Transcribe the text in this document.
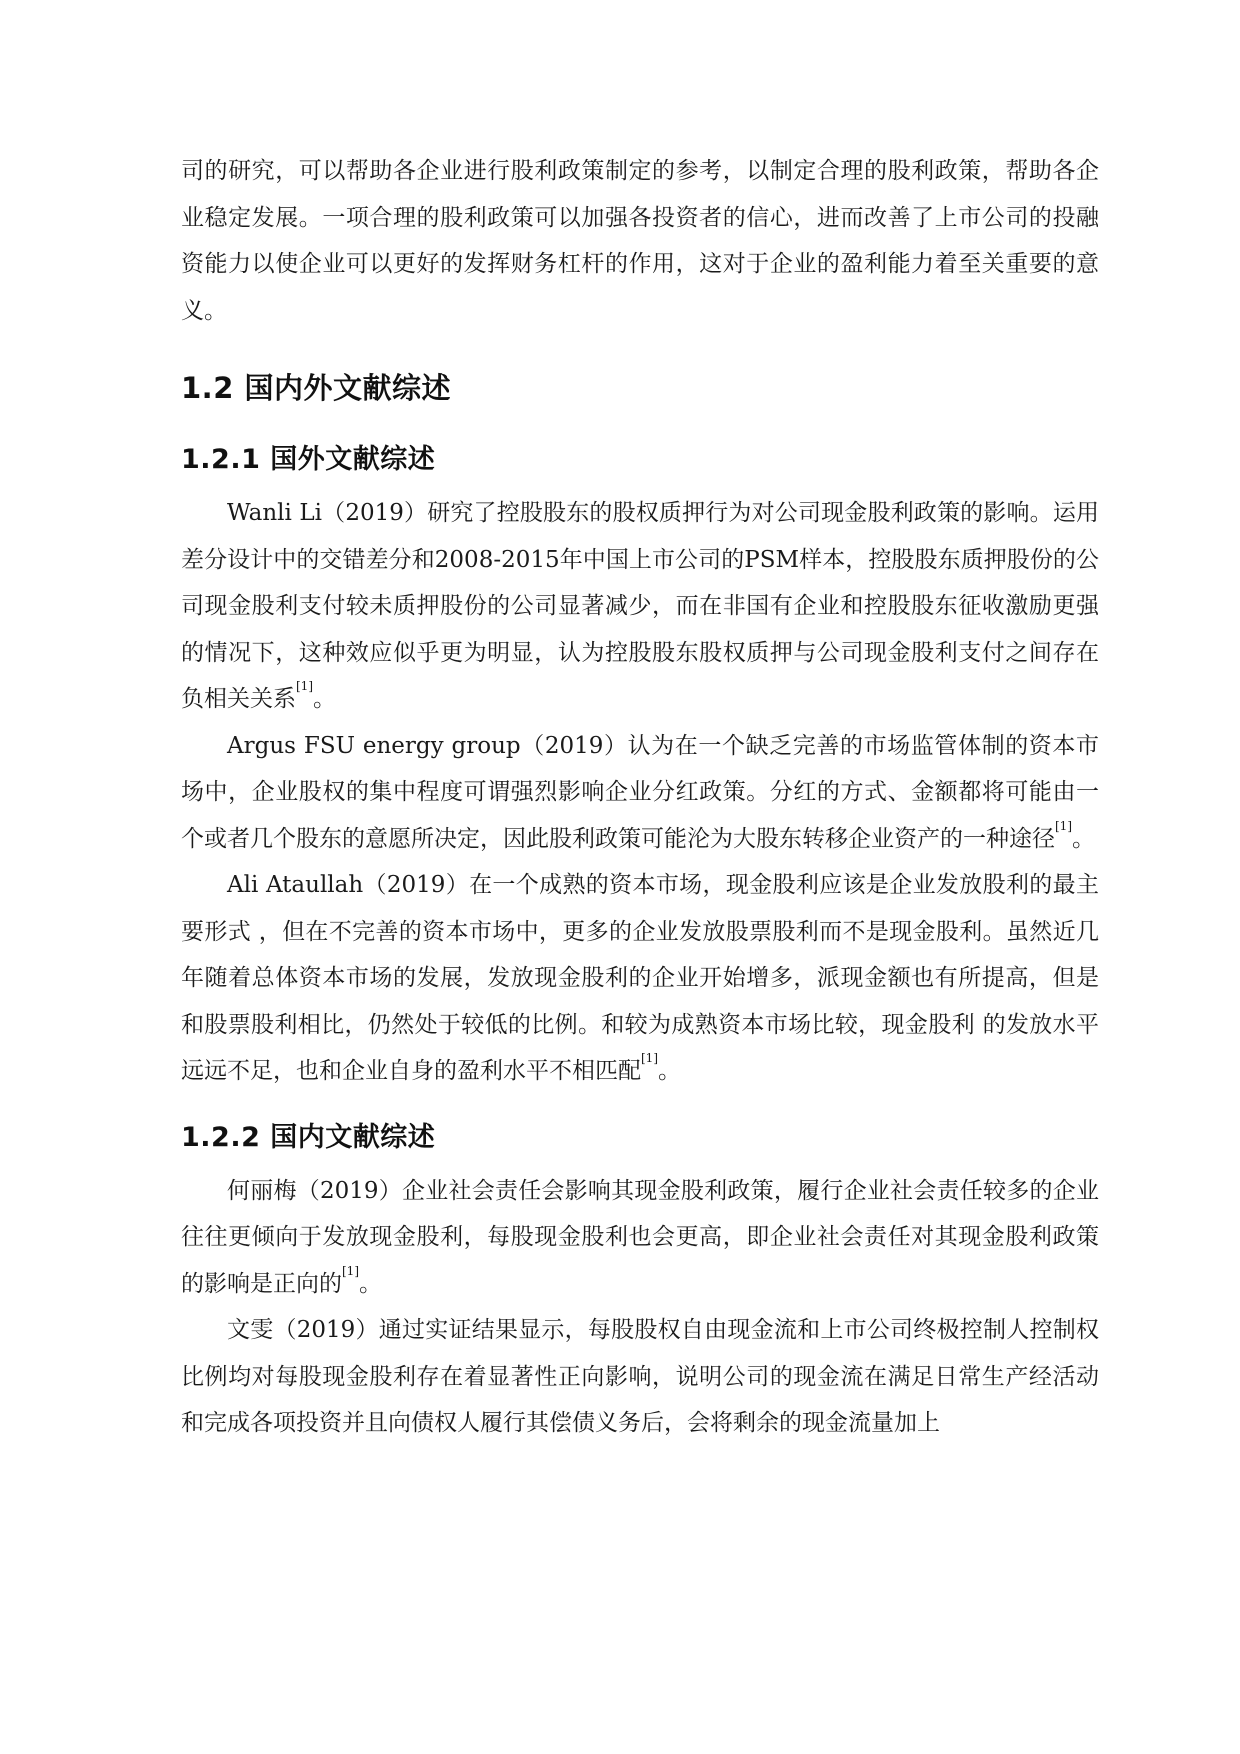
司的研究，可以帮助各企业进行股利政策制定的参考，以制定合理的股利政策，帮助各企业稳定发展。一项合理的股利政策可以加强各投资者的信心，进而改善了上市公司的投融资能力以使企业可以更好的发挥财务杠杆的作用，这对于企业的盈利能力着至关重要的意义。

1.2 国内外文献综述
1.2.1 国外文献综述

Wanli Li（2019）研究了控股股东的股权质押行为对公司现金股利政策的影响。运用差分设计中的交错差分和2008-2015年中国上市公司的PSM样本，控股股东质押股份的公司现金股利支付较未质押股份的公司显著减少，而在非国有企业和控股股东征收激励更强的情况下，这种效应似乎更为明显，认为控股股东股权质押与公司现金股利支付之间存在负相关关系[1]。

Argus FSU energy group（2019）认为在一个缺乏完善的市场监管体制的资本市场中，企业股权的集中程度可谓强烈影响企业分红政策。分红的方式、金额都将可能由一个或者几个股东的意愿所决定，因此股利政策可能沦为大股东转移企业资产的一种途径[1]。

Ali Ataullah（2019）在一个成熟的资本市场，现金股利应该是企业发放股利的最主要形式 ，但在不完善的资本市场中，更多的企业发放股票股利而不是现金股利。虽然近几年随着总体资本市场的发展，发放现金股利的企业开始增多，派现金额也有所提高，但是和股票股利相比，仍然处于较低的比例。和较为成熟资本市场比较，现金股利 的发放水平远远不足，也和企业自身的盈利水平不相匹配[1]。

1.2.2 国内文献综述

何丽梅（2019）企业社会责任会影响其现金股利政策，履行企业社会责任较多的企业往往更倾向于发放现金股利，每股现金股利也会更高，即企业社会责任对其现金股利政策的影响是正向的[1]。

文雯（2019）通过实证结果显示，每股股权自由现金流和上市公司终极控制人控制权比例均对每股现金股利存在着显著性正向影响，说明公司的现金流在满足日常生产经活动和完成各项投资并且向债权人履行其偿债义务后，会将剩余的现金流量加上
